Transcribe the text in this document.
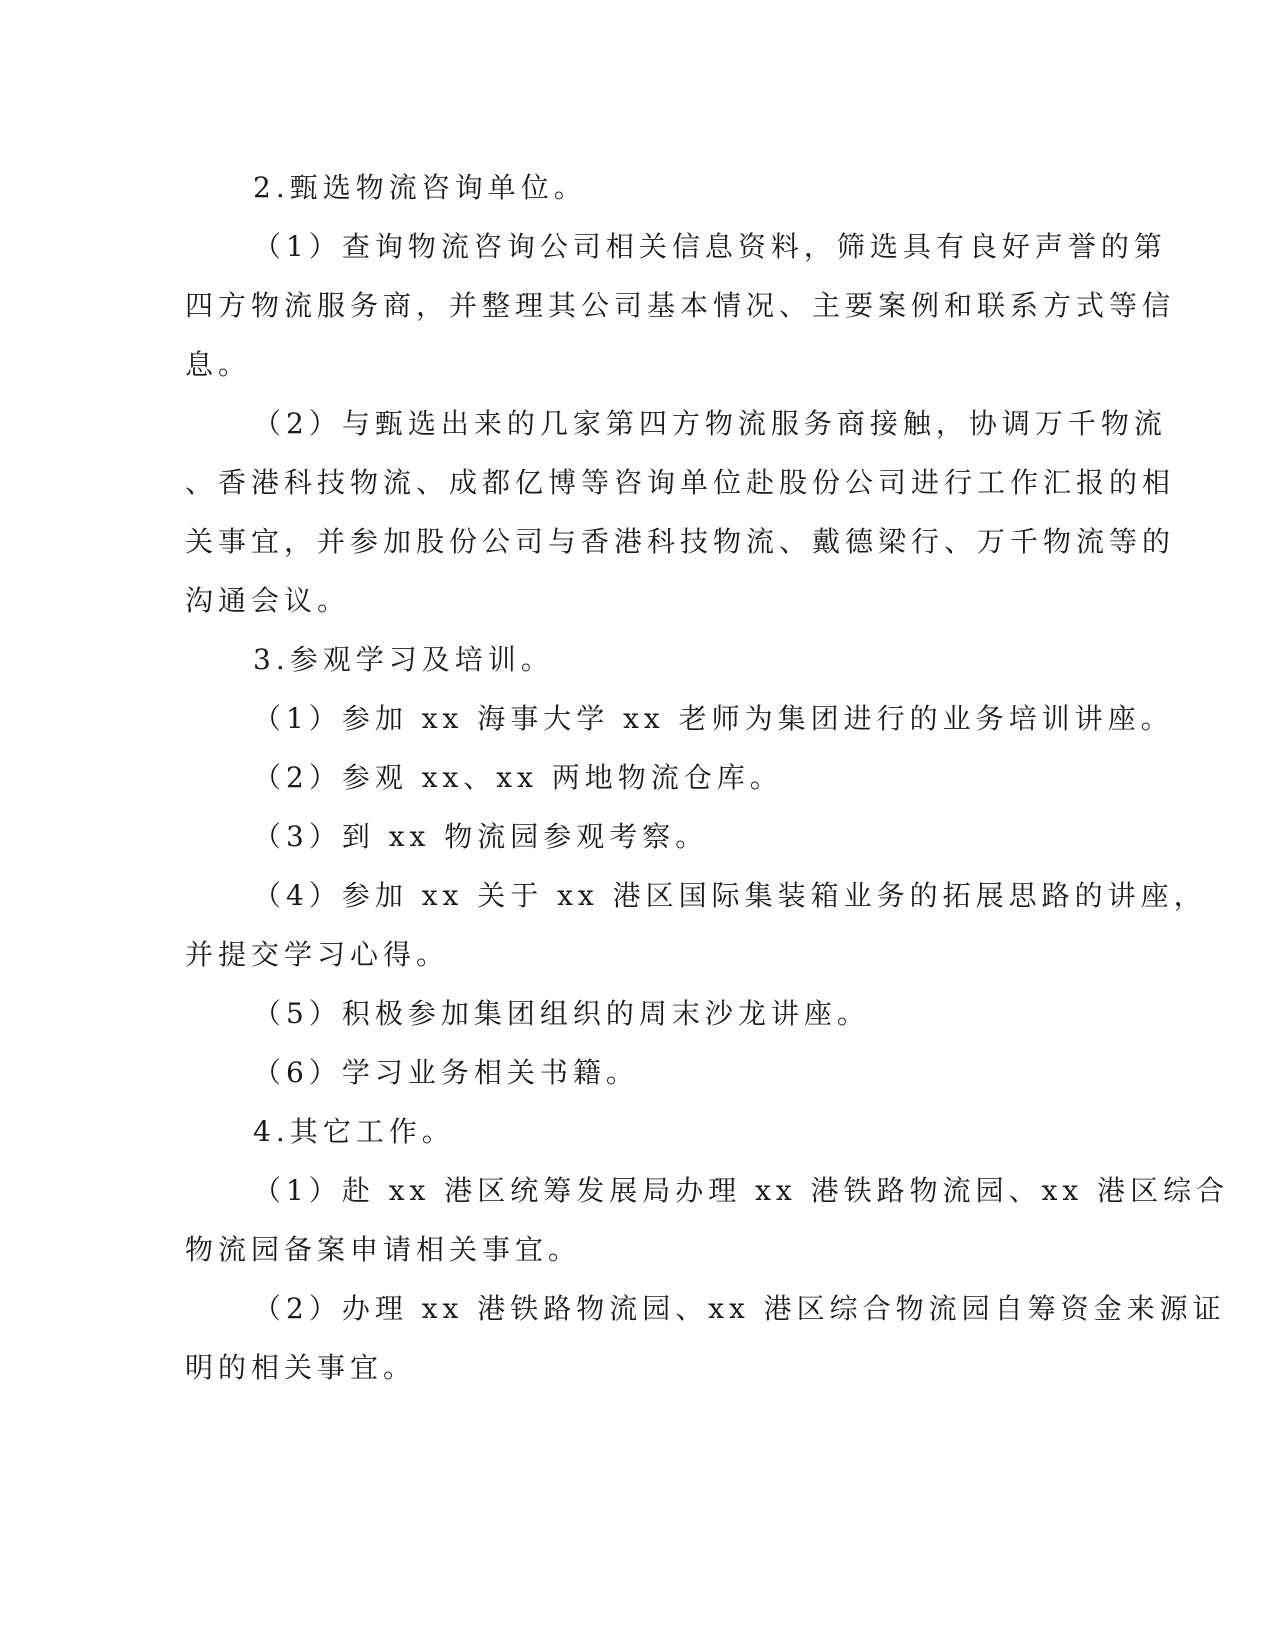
2.甄选物流咨询单位。
（1）查询物流咨询公司相关信息资料，筛选具有良好声誉的第
四方物流服务商，并整理其公司基本情况、主要案例和联系方式等信
息。
（2）与甄选出来的几家第四方物流服务商接触，协调万千物流
、香港科技物流、成都亿博等咨询单位赴股份公司进行工作汇报的相
关事宜，并参加股份公司与香港科技物流、戴德梁行、万千物流等的
沟通会议。
3.参观学习及培训。
（1）参加 xx 海事大学 xx 老师为集团进行的业务培训讲座。
（2）参观 xx、xx 两地物流仓库。
（3）到 xx 物流园参观考察。
（4）参加 xx 关于 xx 港区国际集装箱业务的拓展思路的讲座，
并提交学习心得。
（5）积极参加集团组织的周末沙龙讲座。
（6）学习业务相关书籍。
4.其它工作。
（1）赴 xx 港区统筹发展局办理 xx 港铁路物流园、xx 港区综合
物流园备案申请相关事宜。
（2）办理 xx 港铁路物流园、xx 港区综合物流园自筹资金来源证
明的相关事宜。
